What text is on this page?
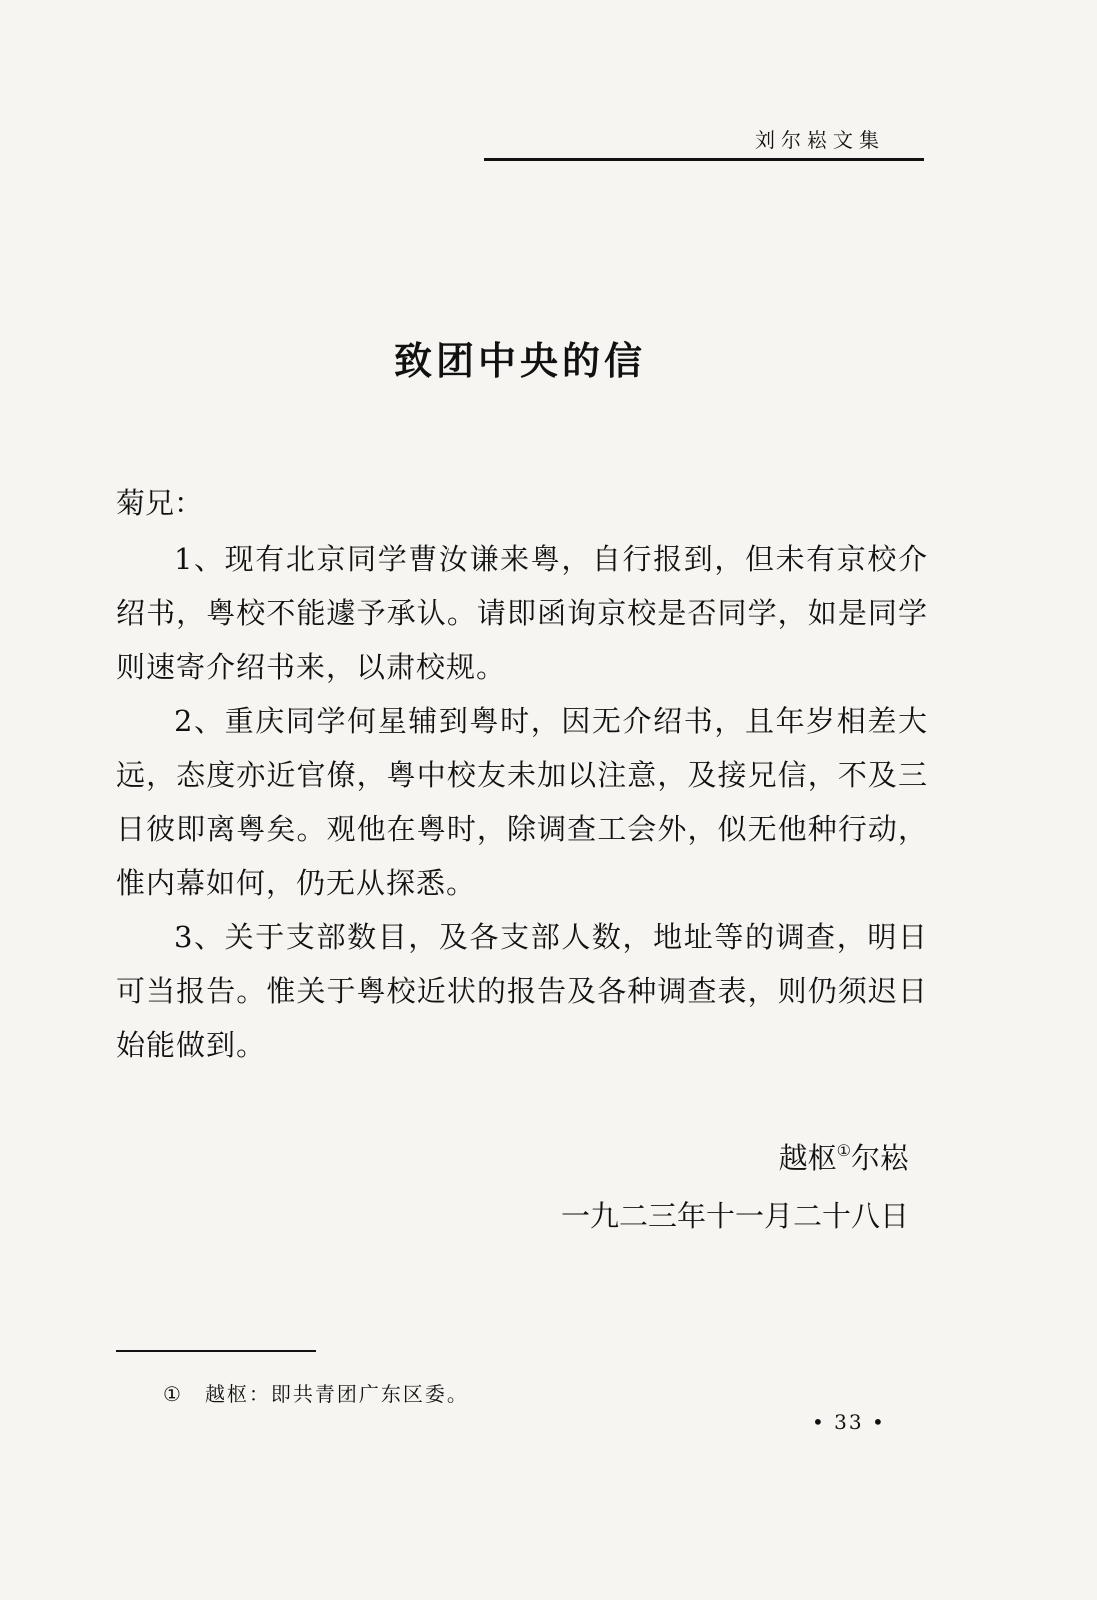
刘尔崧文集
致团中央的信

菊兄：

1、现有北京同学曹汝谦来粤，自行报到，但未有京校介绍书，粤校不能遽予承认。请即函询京校是否同学，如是同学则速寄介绍书来，以肃校规。

2、重庆同学何星辅到粤时，因无介绍书，且年岁相差大远，态度亦近官僚，粤中校友未加以注意，及接兄信，不及三日彼即离粤矣。观他在粤时，除调查工会外，似无他种行动，惟内幕如何，仍无从探悉。

3、关于支部数目，及各支部人数，地址等的调查，明日可当报告。惟关于粤校近状的报告及各种调查表，则仍须迟日始能做到。

越枢①尔崧
一九二三年十一月二十八日
① 越枢：即共青团广东区委。
• 33 •
